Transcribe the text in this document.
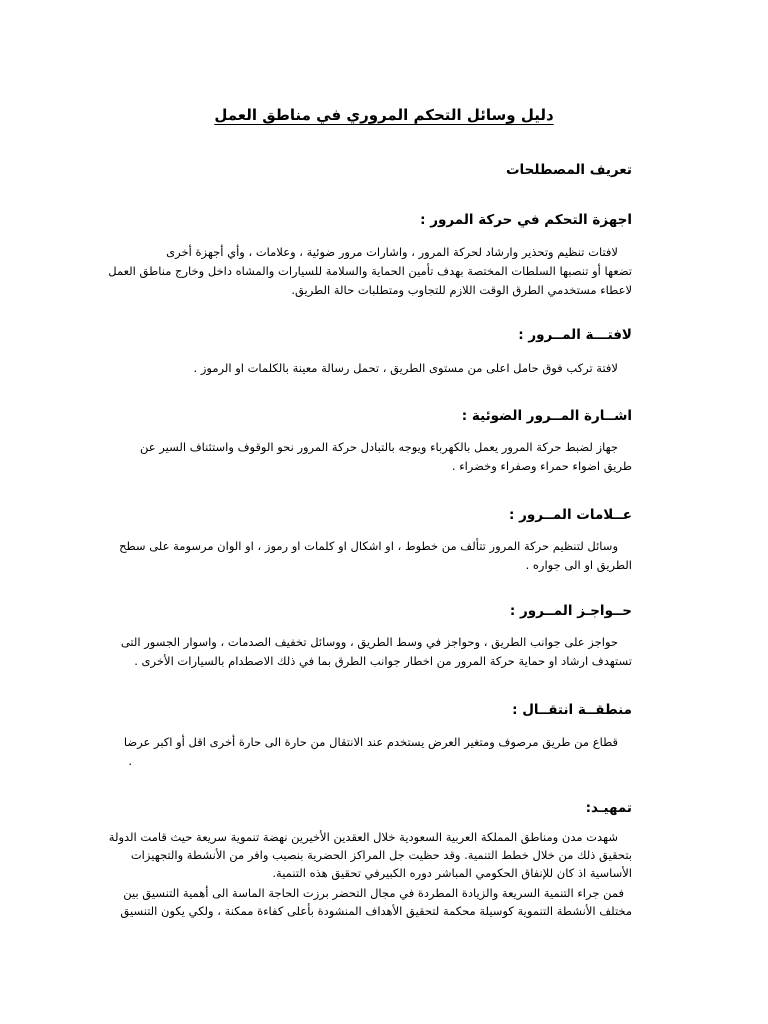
دليل وسائل التحكم المروري في مناطق العمل
تعريف المصطلحات
اجهزة التحكم في حركة المرور :

لافتات تنظيم وتحذير وارشاد لحركة المرور ، واشارات مرور ضوئية ، وعلامات ، وأي أجهزة أخرى
تضعها أو تنصبها السلطات المختصة بهدف تأمين الحماية والسلامة للسيارات والمشاه داخل وخارج مناطق العمل
لاعطاء مستخدمي الطرق الوقت اللازم للتجاوب ومتطلبات حالة الطريق.

لافتـــة المــرور :

لافتة تركب فوق حامل اعلى من مستوى الطريق ، تحمل رسالة معينة بالكلمات او الرموز .

اشــارة المــرور الضوئية :

جهاز لضبط حركة المرور يعمل بالكهرباء ويوجه بالتبادل حركة المرور نحو الوقوف واستئناف السير عن
طريق اضواء حمراء وصفراء وخضراء .

عــلامات المــرور :

وسائل لتنظيم حركة المرور تتألف من خطوط ، او اشكال او كلمات او رموز ، او الوان مرسومة على سطح
الطريق او الى جواره .

حــواجـز المــرور :

حواجز على جوانب الطريق ، وحواجز في وسط الطريق ، ووسائل تخفيف الصدمات ، واسوار الجسور التى
تستهدف ارشاد او حماية حركة المرور من اخطار جوانب الطرق بما في ذلك الاصطدام بالسيارات الأخرى .

منطقــة انتقــال :

قطاع من طريق مرصوف ومتغير العرض يستخدم عند الانتقال من حارة الى حارة أخرى اقل أو اكبر عرضا
.

تمهيـد:

شهدت مدن ومناطق المملكة العربية السعودية خلال العقدين الأخيرين نهضة تنموية سريعة حيث قامت الدولة
بتحقيق ذلك من خلال خطط التنمية. وقد حظيت جل المراكز الحضرية بنصيب وافر من الأنشطة والتجهيزات
الأساسية اذ كان للإنفاق الحكومي المباشر دوره الكبيرفي تحقيق هذه التنمية.

فمن جراء التنمية السريعة والزيادة المطردة في مجال التحضر برزت الحاجة الماسة الى أهمية التنسيق بين
مختلف الأنشطة التنموية كوسيلة محكمة لتحقيق الأهداف المنشودة بأعلى كفاءة ممكنة ، ولكي يكون التنسيق
